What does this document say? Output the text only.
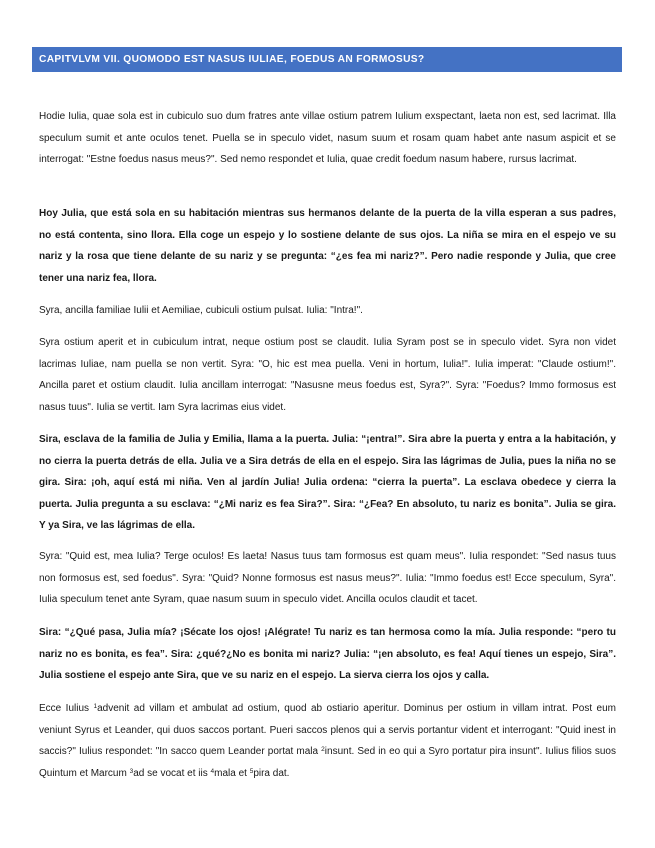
CAPITVLVM VII. QUOMODO EST NASUS IULIAE, FOEDUS AN FORMOSUS?

Hodie Iulia, quae sola est in cubiculo suo dum fratres ante villae ostium patrem Iulium exspectant, laeta non est, sed lacrimat. Illa speculum sumit et ante oculos tenet. Puella se in speculo videt, nasum suum et rosam quam habet ante nasum aspicit et se interrogat: "Estne foedus nasus meus?". Sed nemo respondet et Iulia, quae credit foedum nasum habere, rursus lacrimat.

Hoy Julia, que está sola en su habitación mientras sus hermanos delante de la puerta de la villa esperan a sus padres, no está contenta, sino llora. Ella coge un espejo y lo sostiene delante de sus ojos. La niña se mira en el espejo ve su nariz y la rosa que tiene delante de su nariz y se pregunta: “¿es fea mi nariz?”. Pero nadie responde y Julia, que cree tener una nariz fea, llora.

Syra, ancilla familiae Iulii et Aemiliae, cubiculi ostium pulsat. Iulia: "Intra!".

Syra ostium aperit et in cubiculum intrat, neque ostium post se claudit. Iulia Syram post se in speculo videt. Syra non videt lacrimas Iuliae, nam puella se non vertit. Syra: "O, hic est mea puella. Veni in hortum, Iulia!". Iulia imperat: "Claude ostium!". Ancilla paret et ostium claudit. Iulia ancillam interrogat: "Nasusne meus foedus est, Syra?". Syra: "Foedus? Immo formosus est nasus tuus". Iulia se vertit. Iam Syra lacrimas eius videt.

Sira, esclava de la familia de Julia y Emilia, llama a la puerta. Julia: “¡entra!”. Sira abre la puerta y entra a la habitación, y no cierra la puerta detrás de ella. Julia ve a Sira detrás de ella en el espejo. Sira las lágrimas de Julia, pues la niña no se gira. Sira: ¡oh, aquí está mi niña. Ven al jardín Julia! Julia ordena: “cierra la puerta”. La esclava obedece y cierra la puerta. Julia pregunta a su esclava: “¿Mi nariz es fea Sira?”. Sira: “¿Fea? En absoluto, tu nariz es bonita”. Julia se gira. Y ya Sira, ve las lágrimas de ella.

Syra: "Quid est, mea Iulia? Terge oculos! Es laeta! Nasus tuus tam formosus est quam meus". Iulia respondet: "Sed nasus tuus non formosus est, sed foedus". Syra: "Quid? Nonne formosus est nasus meus?". Iulia: "Immo foedus est! Ecce speculum, Syra". Iulia speculum tenet ante Syram, quae nasum suum in speculo videt. Ancilla oculos claudit et tacet.

Sira: “¿Qué pasa, Julia mía? ¡Sécate los ojos! ¡Alégrate! Tu nariz es tan hermosa como la mía. Julia responde: “pero tu nariz no es bonita, es fea”. Sira: ¿qué?¿No es bonita mi nariz? Julia: “¡en absoluto, es fea! Aquí tienes un espejo, Sira”. Julia sostiene el espejo ante Sira, que ve su nariz en el espejo. La sierva cierra los ojos y calla.

Ecce Iulius $^1$advenit ad villam et ambulat ad ostium, quod ab ostiario aperitur. Dominus per ostium in villam intrat. Post eum veniunt Syrus et Leander, qui duos saccos portant. Pueri saccos plenos qui a servis portantur vident et interrogant: "Quid inest in saccis?" Iulius respondet: "In sacco quem Leander portat mala $^2$insunt. Sed in eo qui a Syro portatur pira insunt". Iulius filios suos Quintum et Marcum $^3$ad se vocat et iis $^4$mala et $^5$pira dat.
